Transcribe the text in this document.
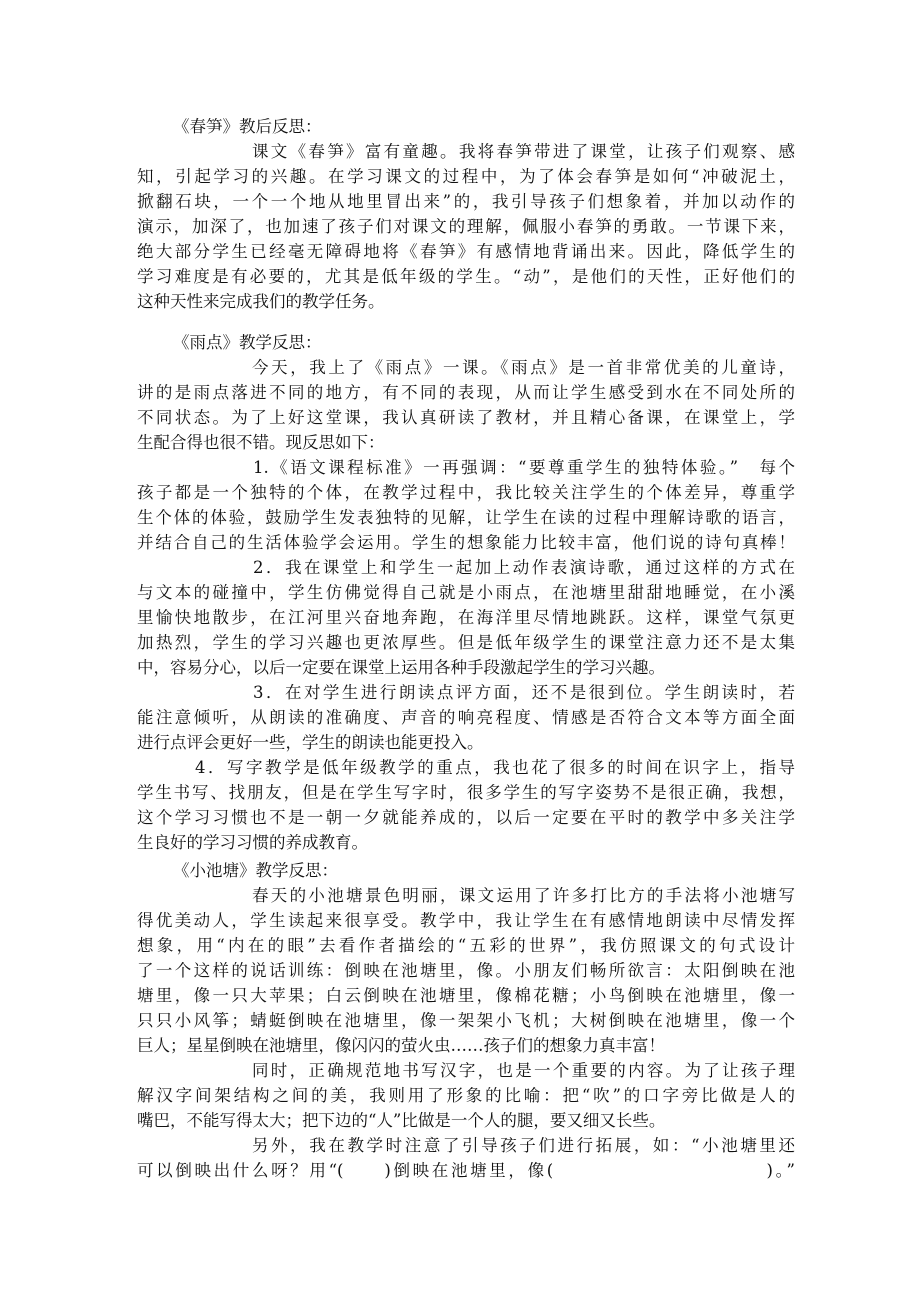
《春笋》教后反思：
课文《春笋》富有童趣。我将春笋带进了课堂，让孩子们观察、感
知，引起学习的兴趣。在学习课文的过程中，为了体会春笋是如何“冲破泥土，
掀翻石块，一个一个地从地里冒出来”的，我引导孩子们想象着，并加以动作的
演示，加深了，也加速了孩子们对课文的理解，佩服小春笋的勇敢。一节课下来，
绝大部分学生已经毫无障碍地将《春笋》有感情地背诵出来。因此，降低学生的
学习难度是有必要的，尤其是低年级的学生。“动”，是他们的天性，正好他们的
这种天性来完成我们的教学任务。
《雨点》教学反思：
今天，我上了《雨点》一课。《雨点》是一首非常优美的儿童诗，
讲的是雨点落进不同的地方，有不同的表现，从而让学生感受到水在不同处所的
不同状态。为了上好这堂课，我认真研读了教材，并且精心备课，在课堂上，学
生配合得也很不错。现反思如下：
1.《语文课程标准》一再强调：“要尊重学生的独特体验。”　每个
孩子都是一个独特的个体，在教学过程中，我比较关注学生的个体差异，尊重学
生个体的体验，鼓励学生发表独特的见解，让学生在读的过程中理解诗歌的语言，
并结合自己的生活体验学会运用。学生的想象能力比较丰富，他们说的诗句真棒！
2．我在课堂上和学生一起加上动作表演诗歌，通过这样的方式在
与文本的碰撞中，学生仿佛觉得自己就是小雨点，在池塘里甜甜地睡觉，在小溪
里愉快地散步，在江河里兴奋地奔跑，在海洋里尽情地跳跃。这样，课堂气氛更
加热烈，学生的学习兴趣也更浓厚些。但是低年级学生的课堂注意力还不是太集
中，容易分心，以后一定要在课堂上运用各种手段激起学生的学习兴趣。
3．在对学生进行朗读点评方面，还不是很到位。学生朗读时，若
能注意倾听，从朗读的准确度、声音的响亮程度、情感是否符合文本等方面全面
进行点评会更好一些，学生的朗读也能更投入。
4．写字教学是低年级教学的重点，我也花了很多的时间在识字上，指导
学生书写、找朋友，但是在学生写字时，很多学生的写字姿势不是很正确，我想，
这个学习习惯也不是一朝一夕就能养成的，以后一定要在平时的教学中多关注学
生良好的学习习惯的养成教育。
《小池塘》教学反思：
春天的小池塘景色明丽，课文运用了许多打比方的手法将小池塘写
得优美动人，学生读起来很享受。教学中，我让学生在有感情地朗读中尽情发挥
想象，用“内在的眼”去看作者描绘的“五彩的世界”，我仿照课文的句式设计
了一个这样的说话训练：倒映在池塘里，像。小朋友们畅所欲言：太阳倒映在池
塘里，像一只大苹果；白云倒映在池塘里，像棉花糖；小鸟倒映在池塘里，像一
只只小风筝；蜻蜓倒映在池塘里，像一架架小飞机；大树倒映在池塘里，像一个
巨人；星星倒映在池塘里，像闪闪的萤火虫……孩子们的想象力真丰富！
同时，正确规范地书写汉字，也是一个重要的内容。为了让孩子理
解汉字间架结构之间的美，我则用了形象的比喻：把“吹”的口字旁比做是人的
嘴巴，不能写得太大；把下边的“人”比做是一个人的腿，要又细又长些。
另外，我在教学时注意了引导孩子们进行拓展，如：“小池塘里还
可以倒映出什么呀？用“(　　)倒映在池塘里，像(　　　　　　　　　　　)。”
